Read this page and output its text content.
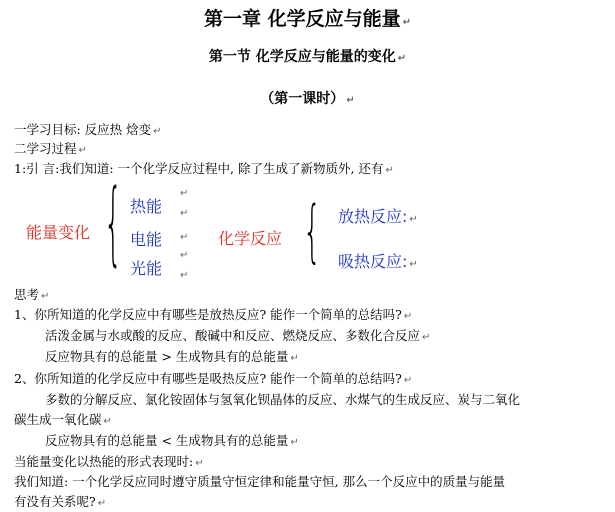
第一章 化学反应与能量 ↵
第一节 化学反应与能量的变化 ↵
（第一课时） ↵
一学习目标: 反应热 焓变 ↵
二学习过程 ↵
1:引 言:我们知道: 一个化学反应过程中, 除了生成了新物质外, 还有 ↵
能量变化 { 热能
电能
光能
↵
↵
↵
↵
↵
化学反应 { 放热反应: ↵
吸热反应: ↵
思考 ↵
1、你所知道的化学反应中有哪些是放热反应? 能作一个简单的总结吗? ↵
活泼金属与水或酸的反应、酸碱中和反应、燃烧反应、多数化合反应 ↵
反应物具有的总能量 > 生成物具有的总能量 ↵
2、你所知道的化学反应中有哪些是吸热反应? 能作一个简单的总结吗? ↵
多数的分解反应、氯化铵固体与氢氧化钡晶体的反应、水煤气的生成反应、炭与二氧化
碳生成一氧化碳 ↵
反应物具有的总能量 < 生成物具有的总能量 ↵
当能量变化以热能的形式表现时: ↵
我们知道: 一个化学反应同时遵守质量守恒定律和能量守恒, 那么一个反应中的质量与能量
有没有关系呢? ↵
